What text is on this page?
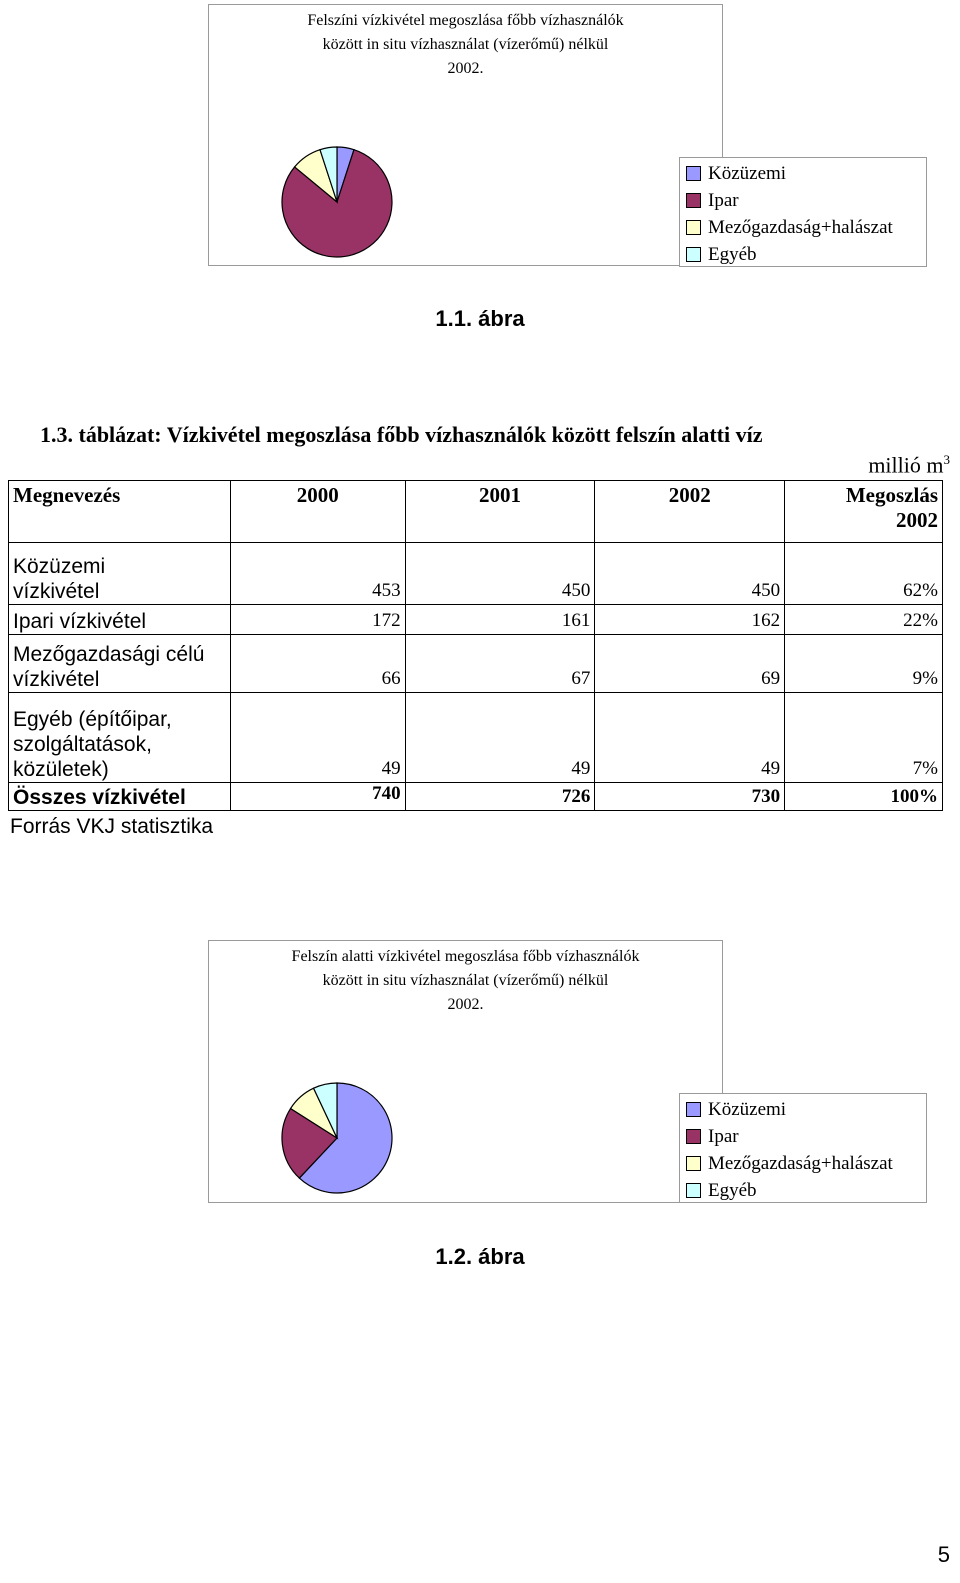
Felszíni vízkivétel megoszlása főbb vízhasználók
között in situ vízhasználat (vízerőmű) nélkül
2002.
Közüzemi
Ipar
Mezőgazdaság+halászat
Egyéb
1.1. ábra
1.3. táblázat: Vízkivétel megoszlása főbb vízhasználók között felszín alatti víz
millió $m^3$
Megnevezés	2000	2001	2002	Megoszlás
2002

Közüzemi
vízkivétel	453	450	450	62%

Ipari vízkivétel	172	161	162	22%

Mezőgazdasági célú
vízkivétel	66	67	69	9%

Egyéb (építőipar,
szolgáltatások,
közületek)	49	49	49	7%
Összes vízkivétel	740	726	730	100%
Forrás VKJ statisztika
Felszín alatti vízkivétel megoszlása főbb vízhasználók
között in situ vízhasználat (vízerőmű) nélkül
2002.
Közüzemi
Ipar
Mezőgazdaság+halászat
Egyéb
1.2. ábra
5
